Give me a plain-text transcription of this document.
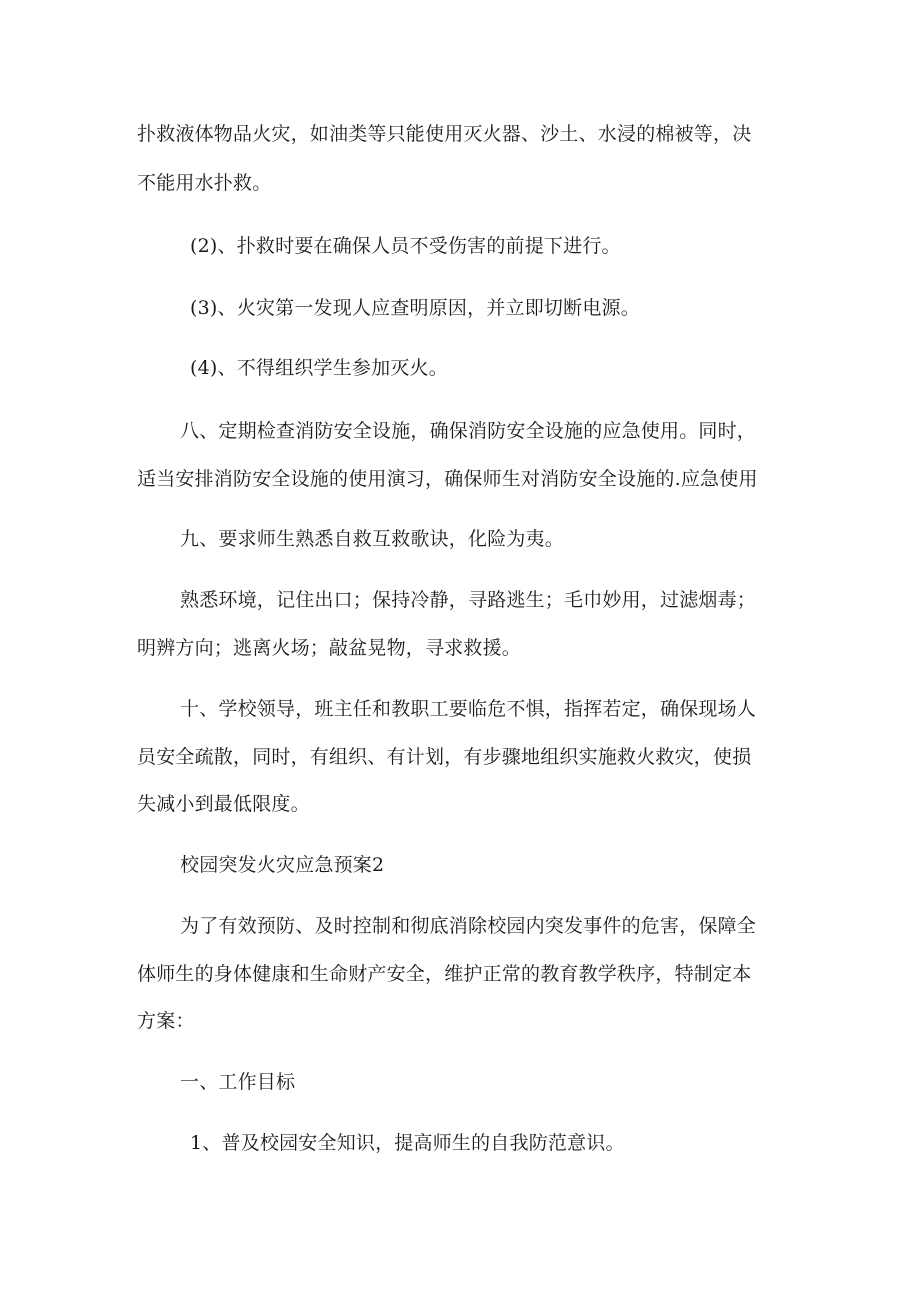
扑救液体物品火灾，如油类等只能使用灭火器、沙土、水浸的棉被等，决
不能用水扑救。
(2)、扑救时要在确保人员不受伤害的前提下进行。
(3)、火灾第一发现人应查明原因，并立即切断电源。
(4)、不得组织学生参加灭火。
八、定期检查消防安全设施，确保消防安全设施的应急使用。同时，
适当安排消防安全设施的使用演习，确保师生对消防安全设施的.应急使用
九、要求师生熟悉自救互救歌诀，化险为夷。
熟悉环境，记住出口；保持冷静，寻路逃生；毛巾妙用，过滤烟毒；
明辨方向；逃离火场；敲盆晃物，寻求救援。
十、学校领导，班主任和教职工要临危不惧，指挥若定，确保现场人
员安全疏散，同时，有组织、有计划，有步骤地组织实施救火救灾，使损
失减小到最低限度。
校园突发火灾应急预案2
为了有效预防、及时控制和彻底消除校园内突发事件的危害，保障全
体师生的身体健康和生命财产安全，维护正常的教育教学秩序，特制定本
方案：
一、工作目标
1、普及校园安全知识，提高师生的自我防范意识。
